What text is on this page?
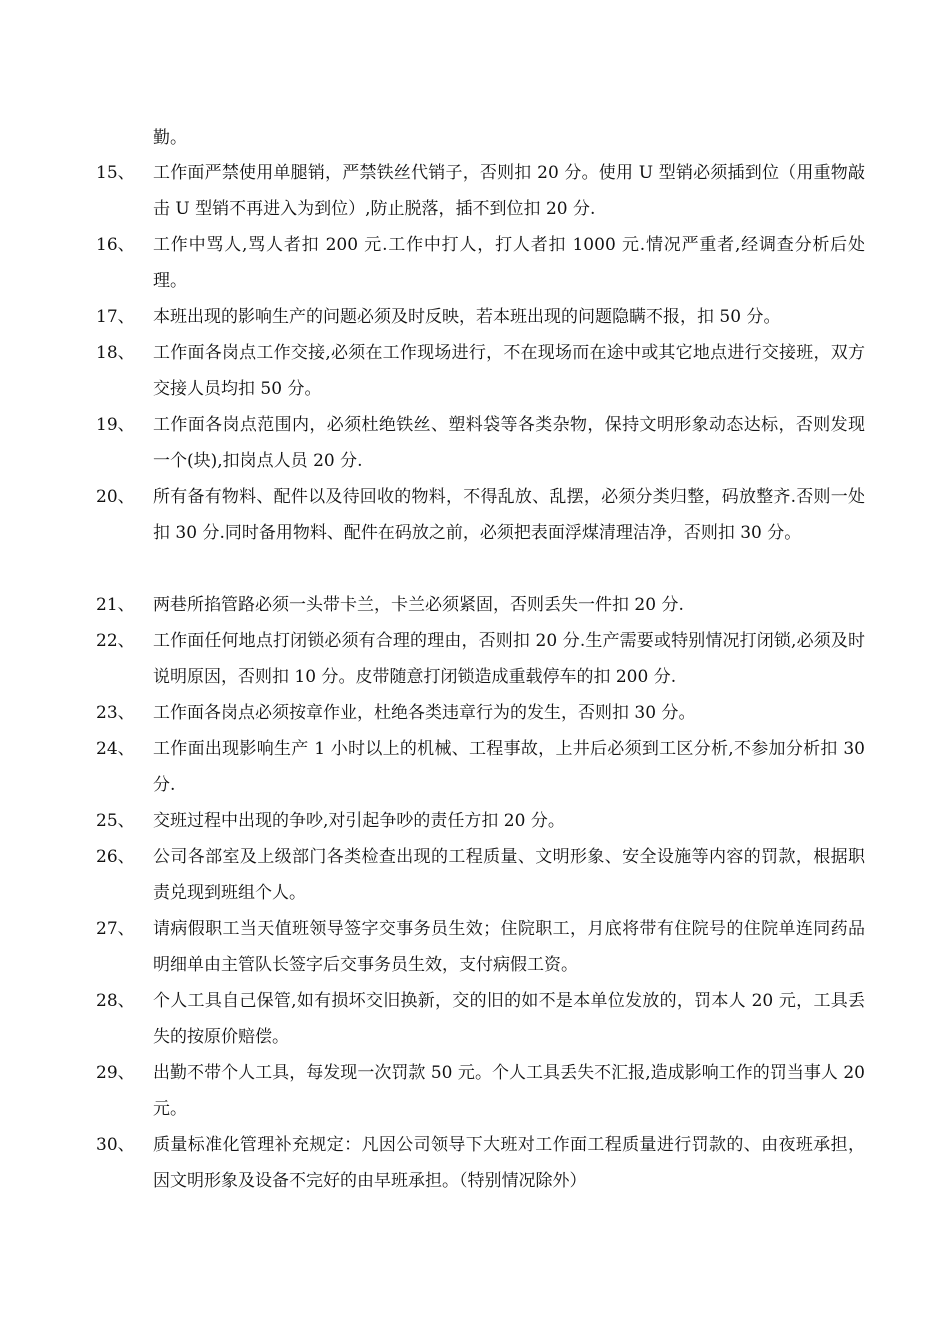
勤。

15、	工作面严禁使用单腿销，严禁铁丝代销子，否则扣 20 分。使用 U 型销必须插到位（用重物敲击 U 型销不再进入为到位）,防止脱落，插不到位扣 20 分.
16、	工作中骂人,骂人者扣 200 元.工作中打人，打人者扣 1000 元.情况严重者,经调查分析后处理。
17、	本班出现的影响生产的问题必须及时反映，若本班出现的问题隐瞒不报，扣 50 分。
18、	工作面各岗点工作交接,必须在工作现场进行，不在现场而在途中或其它地点进行交接班，双方交接人员均扣 50 分。
19、	工作面各岗点范围内，必须杜绝铁丝、塑料袋等各类杂物，保持文明形象动态达标，否则发现一个(块),扣岗点人员 20 分.
20、	所有备有物料、配件以及待回收的物料，不得乱放、乱摆，必须分类归整，码放整齐.否则一处扣 30 分.同时备用物料、配件在码放之前，必须把表面浮煤清理洁净，否则扣 30 分。
21、	两巷所掐管路必须一头带卡兰，卡兰必须紧固，否则丢失一件扣 20 分.
22、	工作面任何地点打闭锁必须有合理的理由，否则扣 20 分.生产需要或特别情况打闭锁,必须及时说明原因，否则扣 10 分。皮带随意打闭锁造成重载停车的扣 200 分.
23、	工作面各岗点必须按章作业，杜绝各类违章行为的发生，否则扣 30 分。
24、	工作面出现影响生产 1 小时以上的机械、工程事故，上井后必须到工区分析,不参加分析扣 30 分.
25、	交班过程中出现的争吵,对引起争吵的责任方扣 20 分。
26、	公司各部室及上级部门各类检查出现的工程质量、文明形象、安全设施等内容的罚款，根据职责兑现到班组个人。
27、	请病假职工当天值班领导签字交事务员生效；住院职工，月底将带有住院号的住院单连同药品明细单由主管队长签字后交事务员生效，支付病假工资。
28、	个人工具自己保管,如有损坏交旧换新，交的旧的如不是本单位发放的，罚本人 20 元，工具丢失的按原价赔偿。
29、	出勤不带个人工具，每发现一次罚款 50 元。个人工具丢失不汇报,造成影响工作的罚当事人 20 元。
30、	质量标准化管理补充规定：凡因公司领导下大班对工作面工程质量进行罚款的、由夜班承担，因文明形象及设备不完好的由早班承担。（特别情况除外）
